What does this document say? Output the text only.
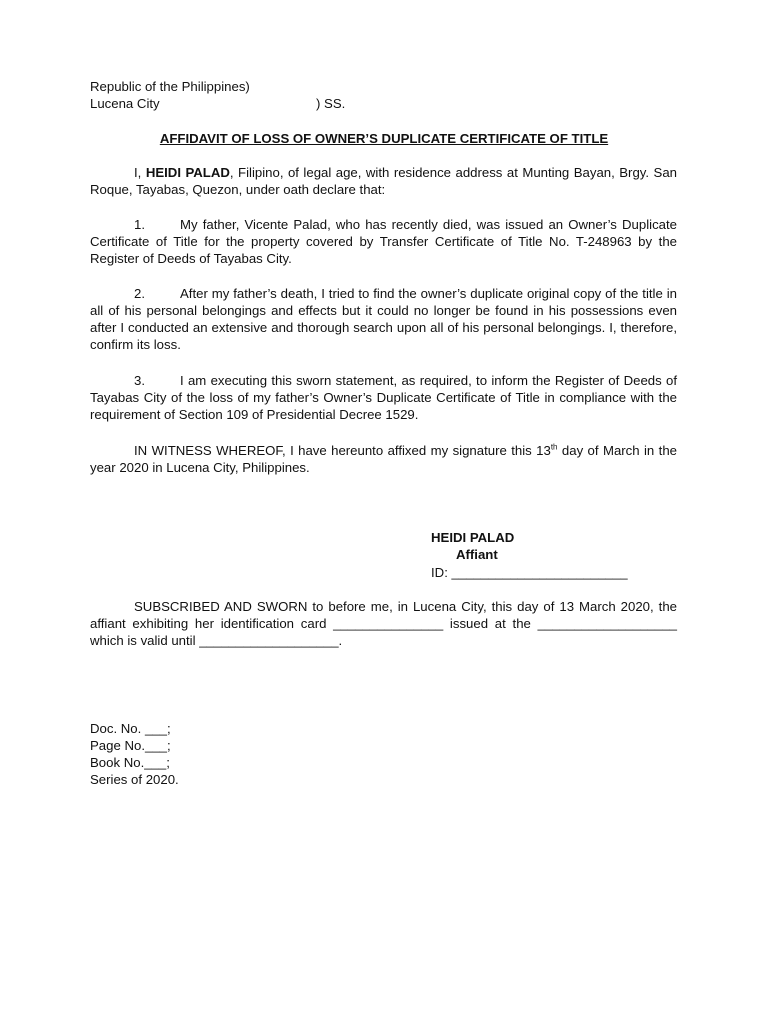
Republic of the Philippines)
Lucena City	) SS.
AFFIDAVIT OF LOSS OF OWNER’S DUPLICATE CERTIFICATE OF TITLE
I, HEIDI PALAD, Filipino, of legal age, with residence address at Munting Bayan, Brgy. San Roque, Tayabas, Quezon, under oath declare that:
1.	My father, Vicente Palad, who has recently died, was issued an Owner’s Duplicate Certificate of Title for the property covered by Transfer Certificate of Title No. T-248963 by the Register of Deeds of Tayabas City.
2.	After my father’s death, I tried to find the owner’s duplicate original copy of the title in all of his personal belongings and effects but it could no longer be found in his possessions even after I conducted an extensive and thorough search upon all of his personal belongings. I, therefore, confirm its loss.
3.	I am executing this sworn statement, as required, to inform the Register of Deeds of Tayabas City of the loss of my father’s Owner’s Duplicate Certificate of Title in compliance with the requirement of Section 109 of Presidential Decree 1529.
IN WITNESS WHEREOF, I have hereunto affixed my signature this 13th day of March in the year 2020 in Lucena City, Philippines.
HEIDI PALAD
Affiant
ID: ________________________
SUBSCRIBED AND SWORN to before me, in Lucena City, this day of 13 March 2020, the affiant exhibiting her identification card _______________ issued at the ___________________ which is valid until ___________________.
Doc. No. ___;
Page No.___;
Book No.___;
Series of 2020.
